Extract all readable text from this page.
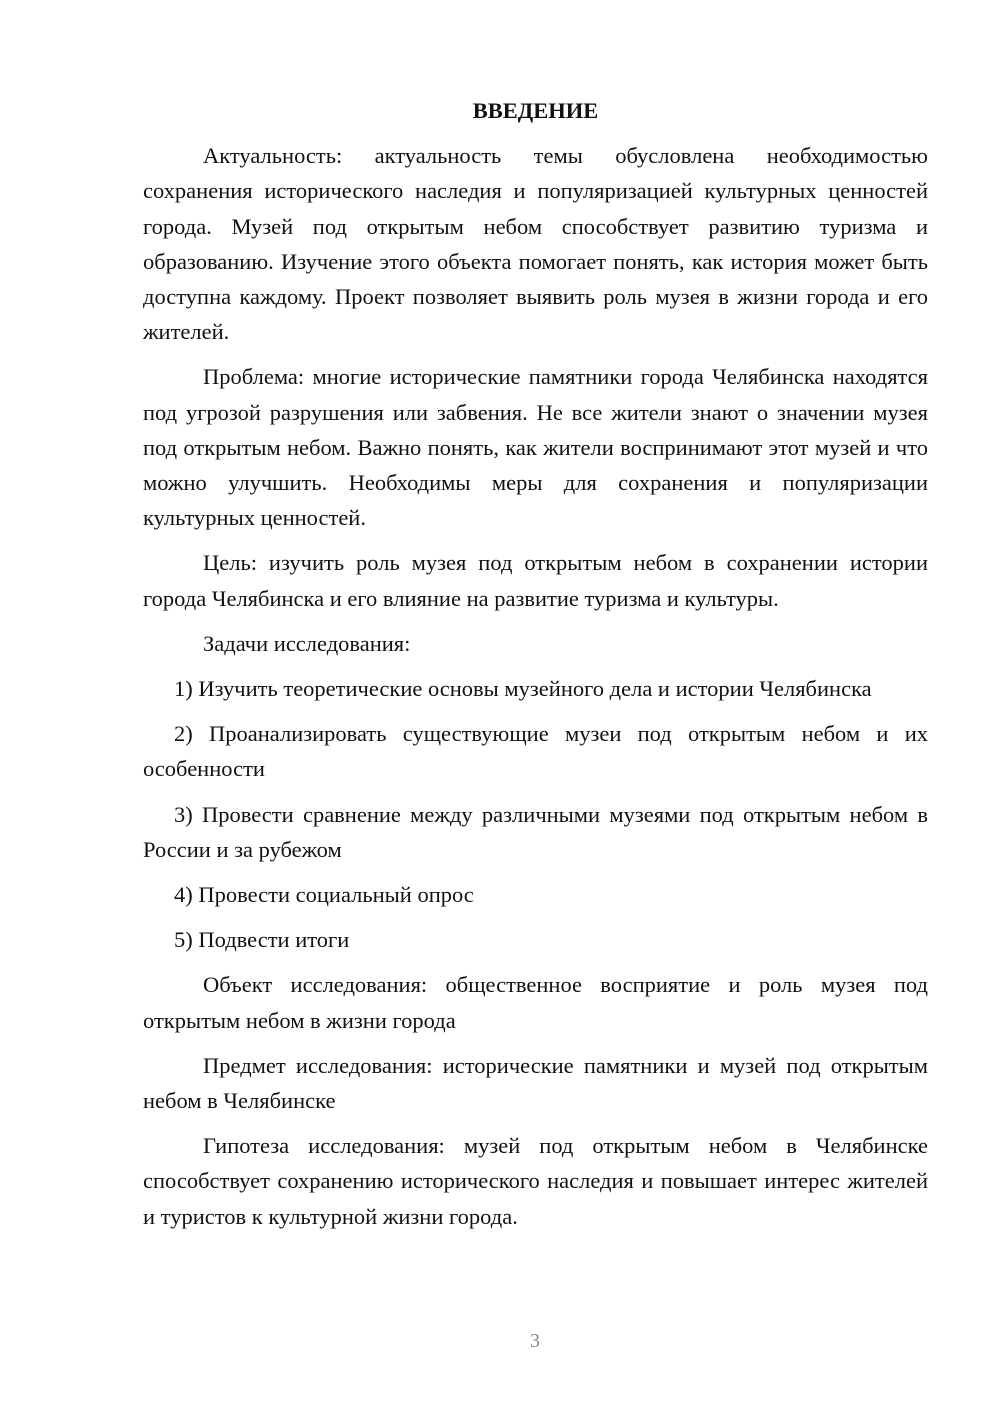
ВВЕДЕНИЕ

Актуальность: актуальность темы обусловлена необходимостью сохранения исторического наследия и популяризацией культурных ценностей города. Музей под открытым небом способствует развитию туризма и образованию. Изучение этого объекта помогает понять, как история может быть доступна каждому. Проект позволяет выявить роль музея в жизни города и его жителей.

Проблема: многие исторические памятники города Челябинска находятся под угрозой разрушения или забвения. Не все жители знают о значении музея под открытым небом. Важно понять, как жители воспринимают этот музей и что можно улучшить. Необходимы меры для сохранения и популяризации культурных ценностей.

Цель: изучить роль музея под открытым небом в сохранении истории города Челябинска и его влияние на развитие туризма и культуры.

Задачи исследования:

1) Изучить теоретические основы музейного дела и истории Челябинска

2) Проанализировать существующие музеи под открытым небом и их особенности

3) Провести сравнение между различными музеями под открытым небом в России и за рубежом

4) Провести социальный опрос

5) Подвести итоги

Объект исследования: общественное восприятие и роль музея под открытым небом в жизни города

Предмет исследования: исторические памятники и музей под открытым небом в Челябинске

Гипотеза исследования: музей под открытым небом в Челябинске способствует сохранению исторического наследия и повышает интерес жителей и туристов к культурной жизни города.

3
